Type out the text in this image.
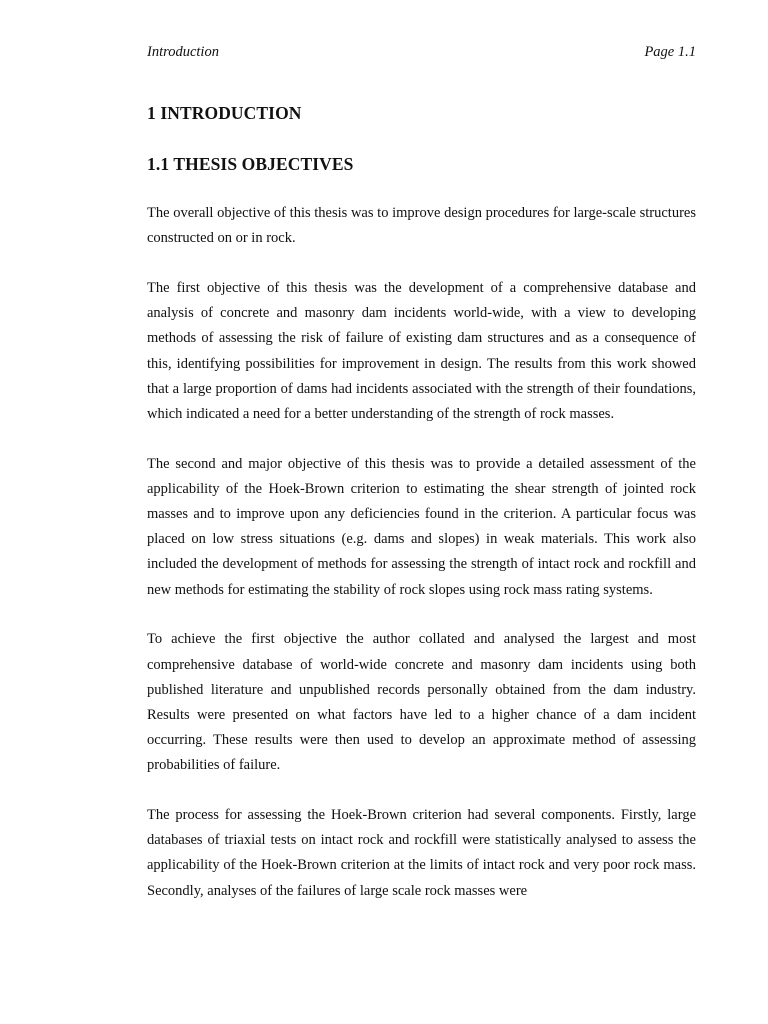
Introduction	Page 1.1
1 INTRODUCTION
1.1 THESIS OBJECTIVES

The overall objective of this thesis was to improve design procedures for large-scale structures constructed on or in rock.

The first objective of this thesis was the development of a comprehensive database and analysis of concrete and masonry dam incidents world-wide, with a view to developing methods of assessing the risk of failure of existing dam structures and as a consequence of this, identifying possibilities for improvement in design. The results from this work showed that a large proportion of dams had incidents associated with the strength of their foundations, which indicated a need for a better understanding of the strength of rock masses.

The second and major objective of this thesis was to provide a detailed assessment of the applicability of the Hoek-Brown criterion to estimating the shear strength of jointed rock masses and to improve upon any deficiencies found in the criterion. A particular focus was placed on low stress situations (e.g. dams and slopes) in weak materials. This work also included the development of methods for assessing the strength of intact rock and rockfill and new methods for estimating the stability of rock slopes using rock mass rating systems.

To achieve the first objective the author collated and analysed the largest and most comprehensive database of world-wide concrete and masonry dam incidents using both published literature and unpublished records personally obtained from the dam industry. Results were presented on what factors have led to a higher chance of a dam incident occurring. These results were then used to develop an approximate method of assessing probabilities of failure.

The process for assessing the Hoek-Brown criterion had several components. Firstly, large databases of triaxial tests on intact rock and rockfill were statistically analysed to assess the applicability of the Hoek-Brown criterion at the limits of intact rock and very poor rock mass. Secondly, analyses of the failures of large scale rock masses were
